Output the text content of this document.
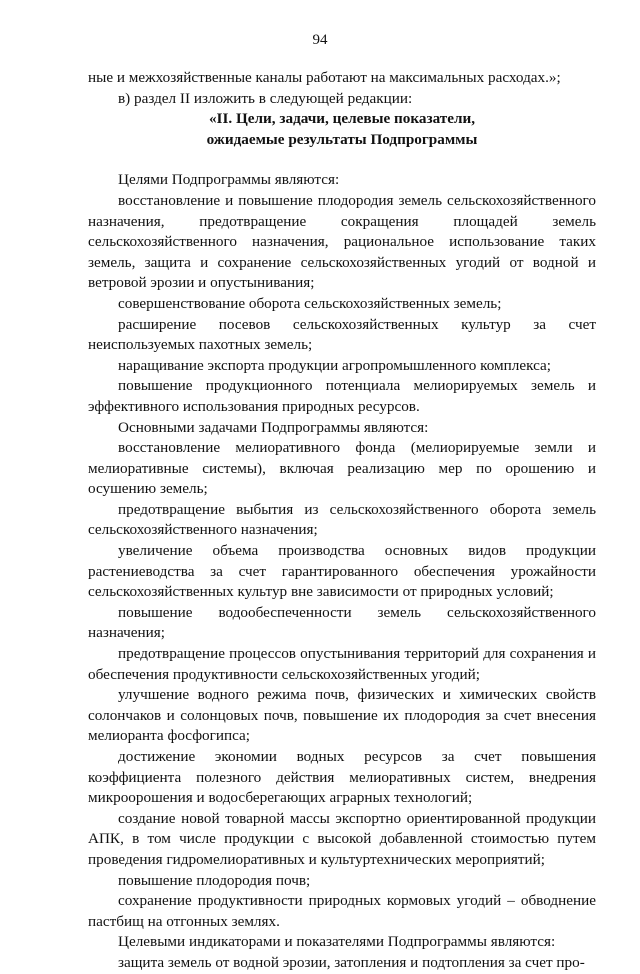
94

ные и межхозяйственные каналы работают на максимальных расходах.»;

в) раздел II изложить в следующей редакции:

«II. Цели, задачи, целевые показатели,

ожидаемые результаты Подпрограммы

Целями Подпрограммы являются:

восстановление и повышение плодородия земель сельскохозяйственного назначения, предотвращение сокращения площадей земель сельскохозяйственного назначения, рациональное использование таких земель, защита и сохранение сельскохозяйственных угодий от водной и ветровой эрозии и опустынивания;

совершенствование оборота сельскохозяйственных земель;

расширение посевов сельскохозяйственных культур за счет неиспользуемых пахотных земель;

наращивание экспорта продукции агропромышленного комплекса;

повышение продукционного потенциала мелиорируемых земель и эффективного использования природных ресурсов.

Основными задачами Подпрограммы являются:

восстановление мелиоративного фонда (мелиорируемые земли и мелиоративные системы), включая реализацию мер по орошению и осушению земель;

предотвращение выбытия из сельскохозяйственного оборота земель сельскохозяйственного назначения;

увеличение объема производства основных видов продукции растениеводства за счет гарантированного обеспечения урожайности сельскохозяйственных культур вне зависимости от природных условий;

повышение водообеспеченности земель сельскохозяйственного назначения;

предотвращение процессов опустынивания территорий для сохранения и обеспечения продуктивности сельскохозяйственных угодий;

улучшение водного режима почв, физических и химических свойств солончаков и солонцовых почв, повышение их плодородия за счет внесения мелиоранта фосфогипса;

достижение экономии водных ресурсов за счет повышения коэффициента полезного действия мелиоративных систем, внедрения микроорошения и водосберегающих аграрных технологий;

создание новой товарной массы экспортно ориентированной продукции АПК, в том числе продукции с высокой добавленной стоимостью путем проведения гидромелиоративных и культуртехнических мероприятий;

повышение плодородия почв;

сохранение продуктивности природных кормовых угодий – обводнение пастбищ на отгонных землях.

Целевыми индикаторами и показателями Подпрограммы являются:

защита земель от водной эрозии, затопления и подтопления за счет про-
